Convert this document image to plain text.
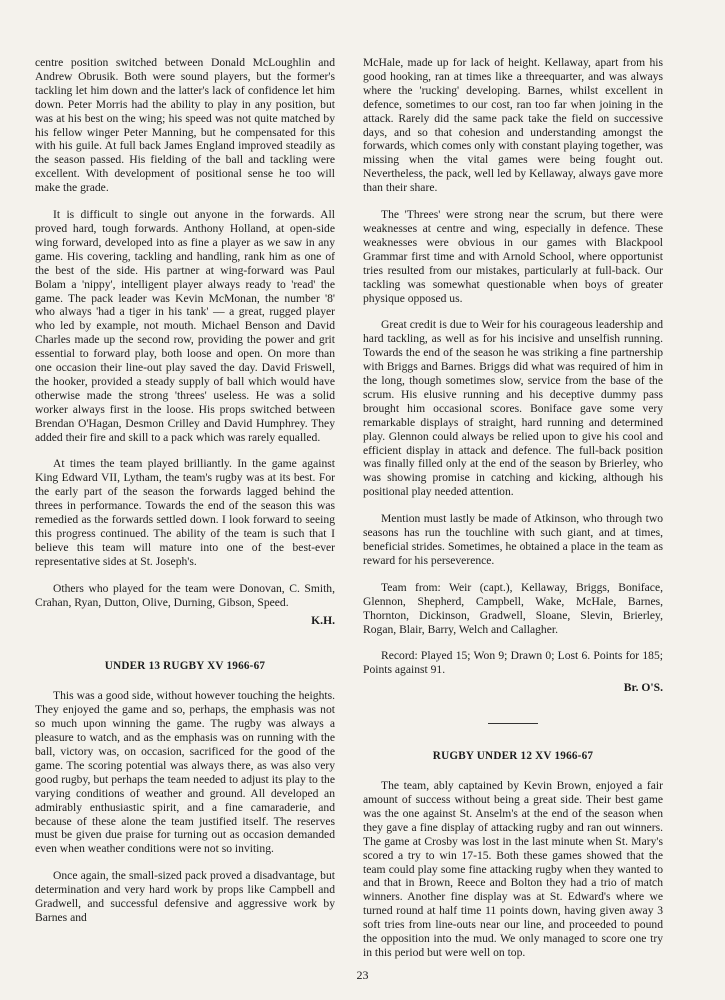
centre position switched between Donald McLoughlin and Andrew Obrusik. Both were sound players, but the former's tackling let him down and the latter's lack of confidence let him down. Peter Morris had the ability to play in any position, but was at his best on the wing; his speed was not quite matched by his fellow winger Peter Manning, but he compensated for this with his guile. At full back James England improved steadily as the season passed. His fielding of the ball and tackling were excellent. With development of positional sense he too will make the grade.

It is difficult to single out anyone in the forwards. All proved hard, tough forwards. Anthony Holland, at open-side wing forward, developed into as fine a player as we saw in any game. His covering, tackling and handling, rank him as one of the best of the side. His partner at wing-forward was Paul Bolam a 'nippy', intelligent player always ready to 'read' the game. The pack leader was Kevin McMonan, the number '8' who always 'had a tiger in his tank' — a great, rugged player who led by example, not mouth. Michael Benson and David Charles made up the second row, providing the power and grit essential to forward play, both loose and open. On more than one occasion their line-out play saved the day. David Friswell, the hooker, provided a steady supply of ball which would have otherwise made the strong 'threes' useless. He was a solid worker always first in the loose. His props switched between Brendan O'Hagan, Desmon Crilley and David Humphrey. They added their fire and skill to a pack which was rarely equalled.

At times the team played brilliantly. In the game against King Edward VII, Lytham, the team's rugby was at its best. For the early part of the season the forwards lagged behind the threes in performance. Towards the end of the season this was remedied as the forwards settled down. I look forward to seeing this progress continued. The ability of the team is such that I believe this team will mature into one of the best-ever representative sides at St. Joseph's.

Others who played for the team were Donovan, C. Smith, Crahan, Ryan, Dutton, Olive, Durning, Gibson, Speed.

K.H.
UNDER 13 RUGBY XV 1966-67

This was a good side, without however touching the heights. They enjoyed the game and so, perhaps, the emphasis was not so much upon winning the game. The rugby was always a pleasure to watch, and as the emphasis was on running with the ball, victory was, on occasion, sacrificed for the good of the game. The scoring potential was always there, as was also very good rugby, but perhaps the team needed to adjust its play to the varying conditions of weather and ground. All developed an admirably enthusiastic spirit, and a fine camaraderie, and because of these alone the team justified itself. The reserves must be given due praise for turning out as occasion demanded even when weather conditions were not so inviting.

Once again, the small-sized pack proved a disadvantage, but determination and very hard work by props like Campbell and Gradwell, and successful defensive and aggressive work by Barnes and

McHale, made up for lack of height. Kellaway, apart from his good hooking, ran at times like a threequarter, and was always where the 'rucking' developing. Barnes, whilst excellent in defence, sometimes to our cost, ran too far when joining in the attack. Rarely did the same pack take the field on successive days, and so that cohesion and understanding amongst the forwards, which comes only with constant playing together, was missing when the vital games were being fought out. Nevertheless, the pack, well led by Kellaway, always gave more than their share.

The 'Threes' were strong near the scrum, but there were weaknesses at centre and wing, especially in defence. These weaknesses were obvious in our games with Blackpool Grammar first time and with Arnold School, where opportunist tries resulted from our mistakes, particularly at full-back. Our tackling was somewhat questionable when boys of greater physique opposed us.

Great credit is due to Weir for his courageous leadership and hard tackling, as well as for his incisive and unselfish running. Towards the end of the season he was striking a fine partnership with Briggs and Barnes. Briggs did what was required of him in the long, though sometimes slow, service from the base of the scrum. His elusive running and his deceptive dummy pass brought him occasional scores. Boniface gave some very remarkable displays of straight, hard running and determined play. Glennon could always be relied upon to give his cool and efficient display in attack and defence. The full-back position was finally filled only at the end of the season by Brierley, who was showing promise in catching and kicking, although his positional play needed attention.

Mention must lastly be made of Atkinson, who through two seasons has run the touchline with such giant, and at times, beneficial strides. Sometimes, he obtained a place in the team as reward for his perseverence.

Team from: Weir (capt.), Kellaway, Briggs, Boniface, Glennon, Shepherd, Campbell, Wake, McHale, Barnes, Thornton, Dickinson, Gradwell, Sloane, Slevin, Brierley, Rogan, Blair, Barry, Welch and Callagher.

Record: Played 15; Won 9; Drawn 0; Lost 6. Points for 185; Points against 91.

Br. O'S.
RUGBY UNDER 12 XV 1966-67

The team, ably captained by Kevin Brown, enjoyed a fair amount of success without being a great side. Their best game was the one against St. Anselm's at the end of the season when they gave a fine display of attacking rugby and ran out winners. The game at Crosby was lost in the last minute when St. Mary's scored a try to win 17-15. Both these games showed that the team could play some fine attacking rugby when they wanted to and that in Brown, Reece and Bolton they had a trio of match winners. Another fine display was at St. Edward's where we turned round at half time 11 points down, having given away 3 soft tries from line-outs near our line, and proceeded to pound the opposition into the mud. We only managed to score one try in this period but were well on top.

23
